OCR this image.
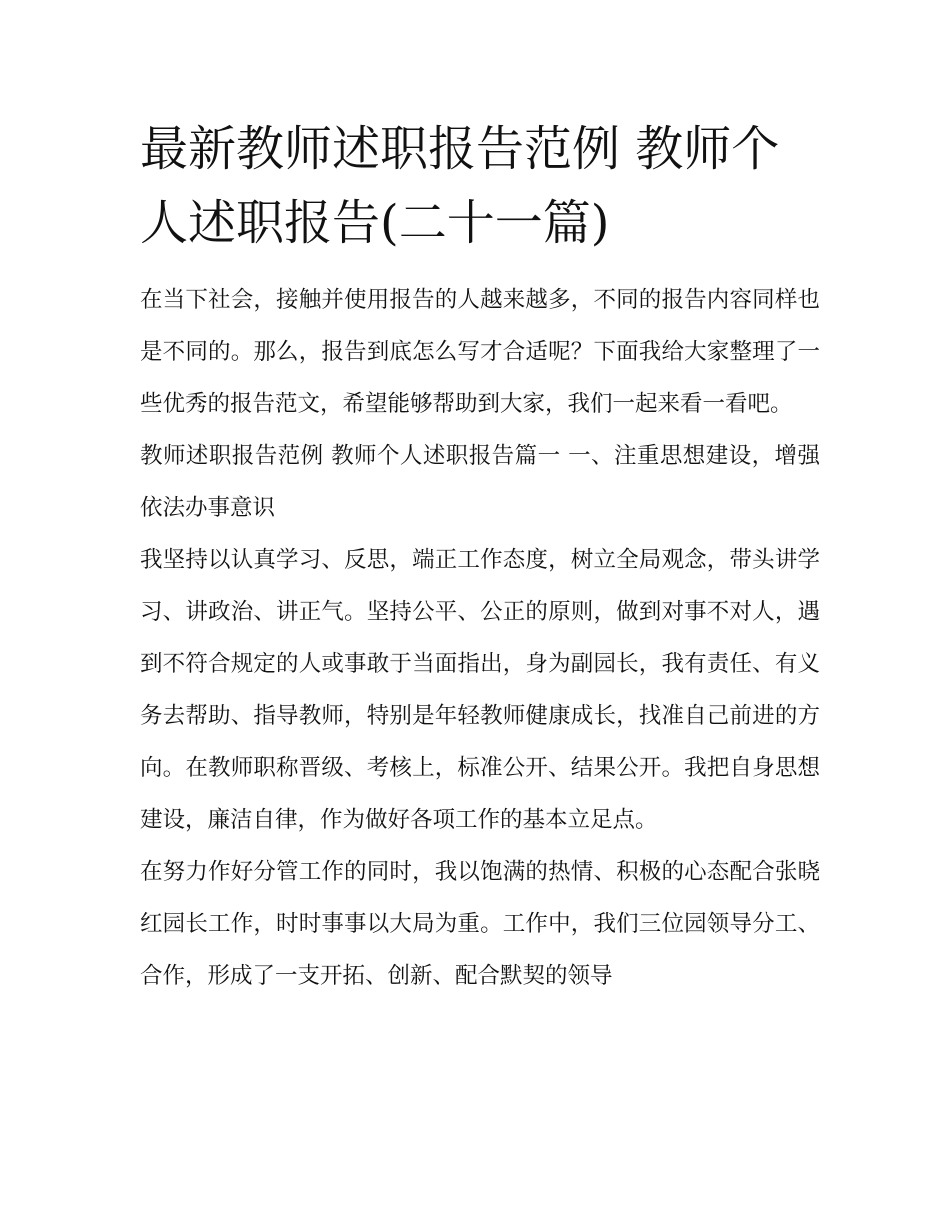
最新教师述职报告范例 教师个人述职报告(二十一篇)

在当下社会，接触并使用报告的人越来越多，不同的报告内容同样也是不同的。那么，报告到底怎么写才合适呢？下面我给大家整理了一些优秀的报告范文，希望能够帮助到大家，我们一起来看一看吧。

教师述职报告范例 教师个人述职报告篇一 一、注重思想建设，增强依法办事意识

我坚持以认真学习、反思，端正工作态度，树立全局观念，带头讲学习、讲政治、讲正气。坚持公平、公正的原则，做到对事不对人，遇到不符合规定的人或事敢于当面指出，身为副园长，我有责任、有义务去帮助、指导教师，特别是年轻教师健康成长，找准自己前进的方向。在教师职称晋级、考核上，标准公开、结果公开。我把自身思想建设，廉洁自律，作为做好各项工作的基本立足点。

在努力作好分管工作的同时，我以饱满的热情、积极的心态配合张晓红园长工作，时时事事以大局为重。工作中，我们三位园领导分工、合作，形成了一支开拓、创新、配合默契的领导
